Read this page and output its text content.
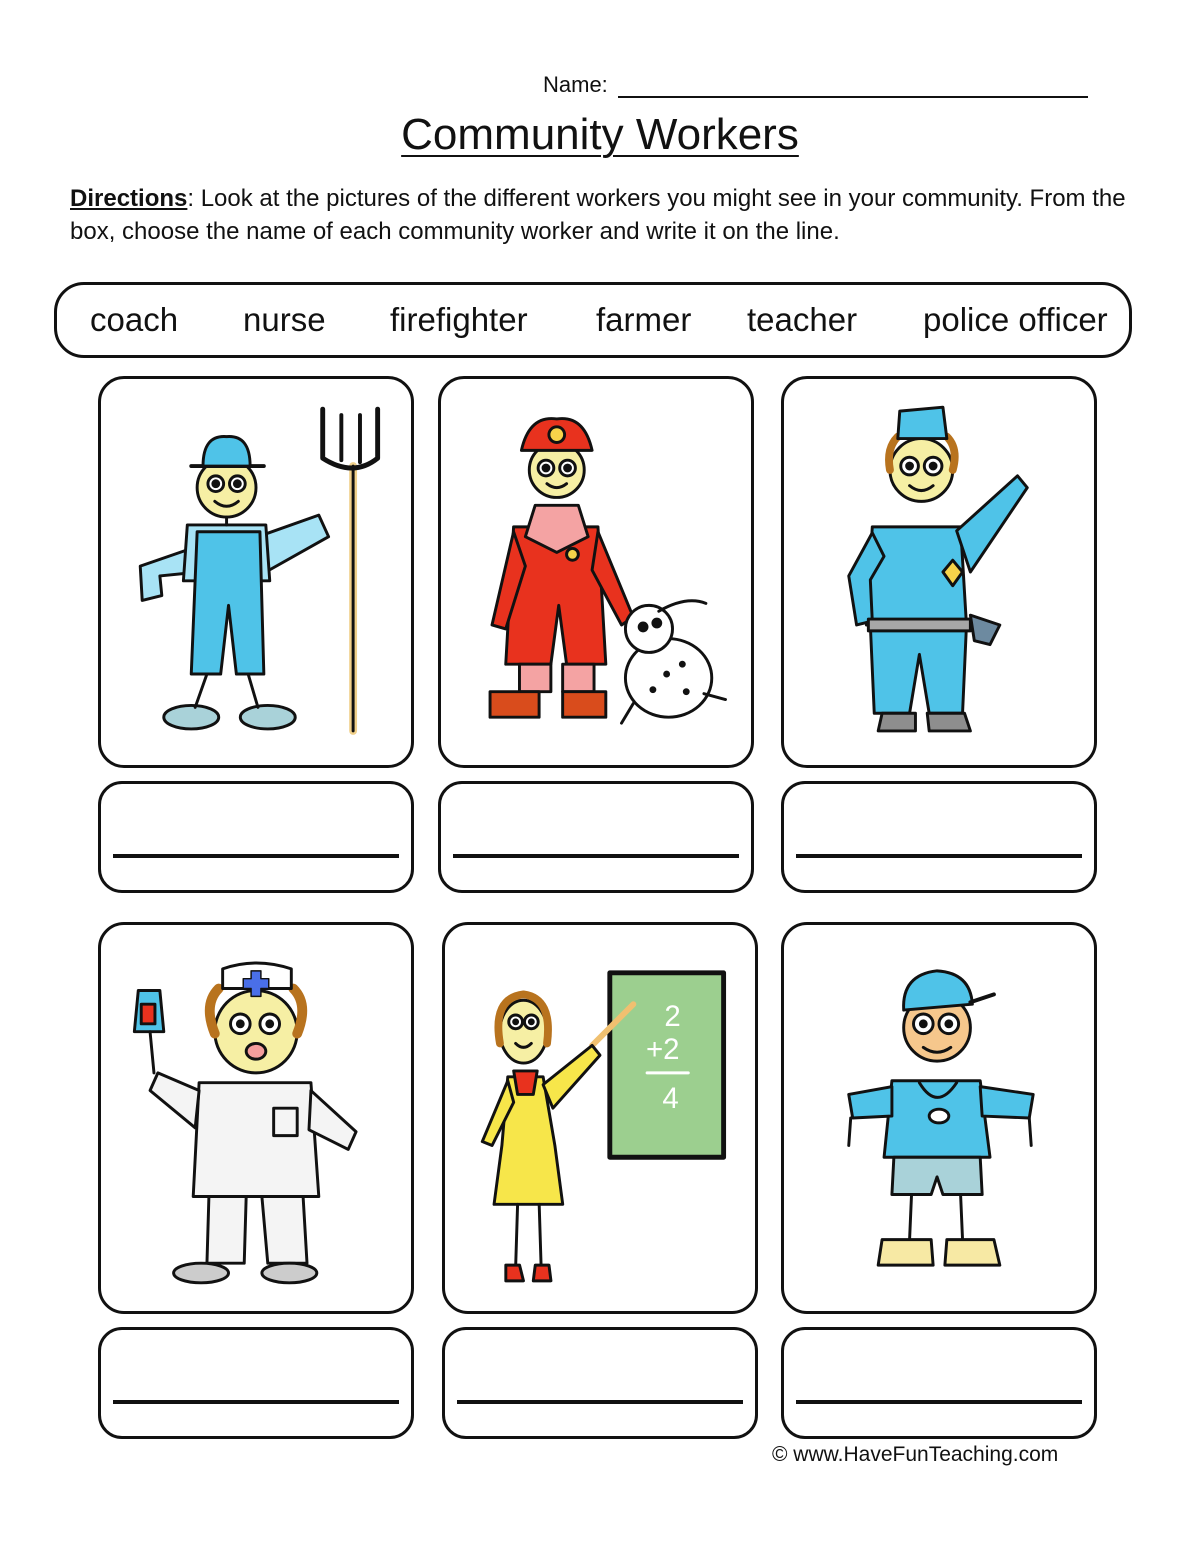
Name:
Community Workers
Directions: Look at the pictures of the different workers you might see in your community. From the box, choose the name of each community worker and write it on the line.
coach nurse firefighter farmer teacher police officer
2
+2
4
© www.HaveFunTeaching.com
